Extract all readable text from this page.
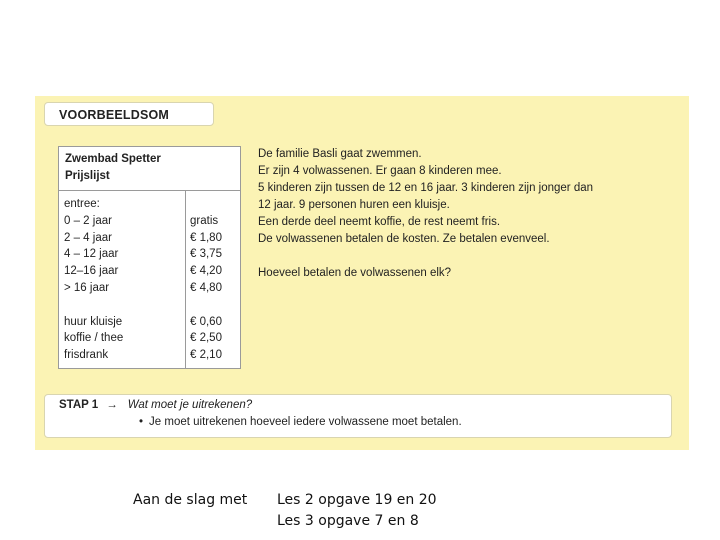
VOORBEELDSOM
Zwembad Spetter
Prijslijst
entree:
0 – 2 jaar	gratis
2 – 4 jaar	€ 1,80
4 – 12 jaar	€ 3,75
12–16 jaar	€ 4,20
> 16 jaar	€ 4,80
huur kluisje	€ 0,60
koffie / thee	€ 2,50
frisdrank	€ 2,10

De familie Basli gaat zwemmen.

Er zijn 4 volwassenen. Er gaan 8 kinderen mee.

5 kinderen zijn tussen de 12 en 16 jaar. 3 kinderen zijn jonger dan

12 jaar. 9 personen huren een kluisje.

Een derde deel neemt koffie, de rest neemt fris.

De volwassenen betalen de kosten. Ze betalen evenveel.

Hoeveel betalen de volwassenen elk?

STAP 1 → Wat moet je uitrekenen?
• Je moet uitrekenen hoeveel iedere volwassene moet betalen.
Aan de slag met Les 2 opgave 19 en 20
Les 3 opgave 7 en 8
